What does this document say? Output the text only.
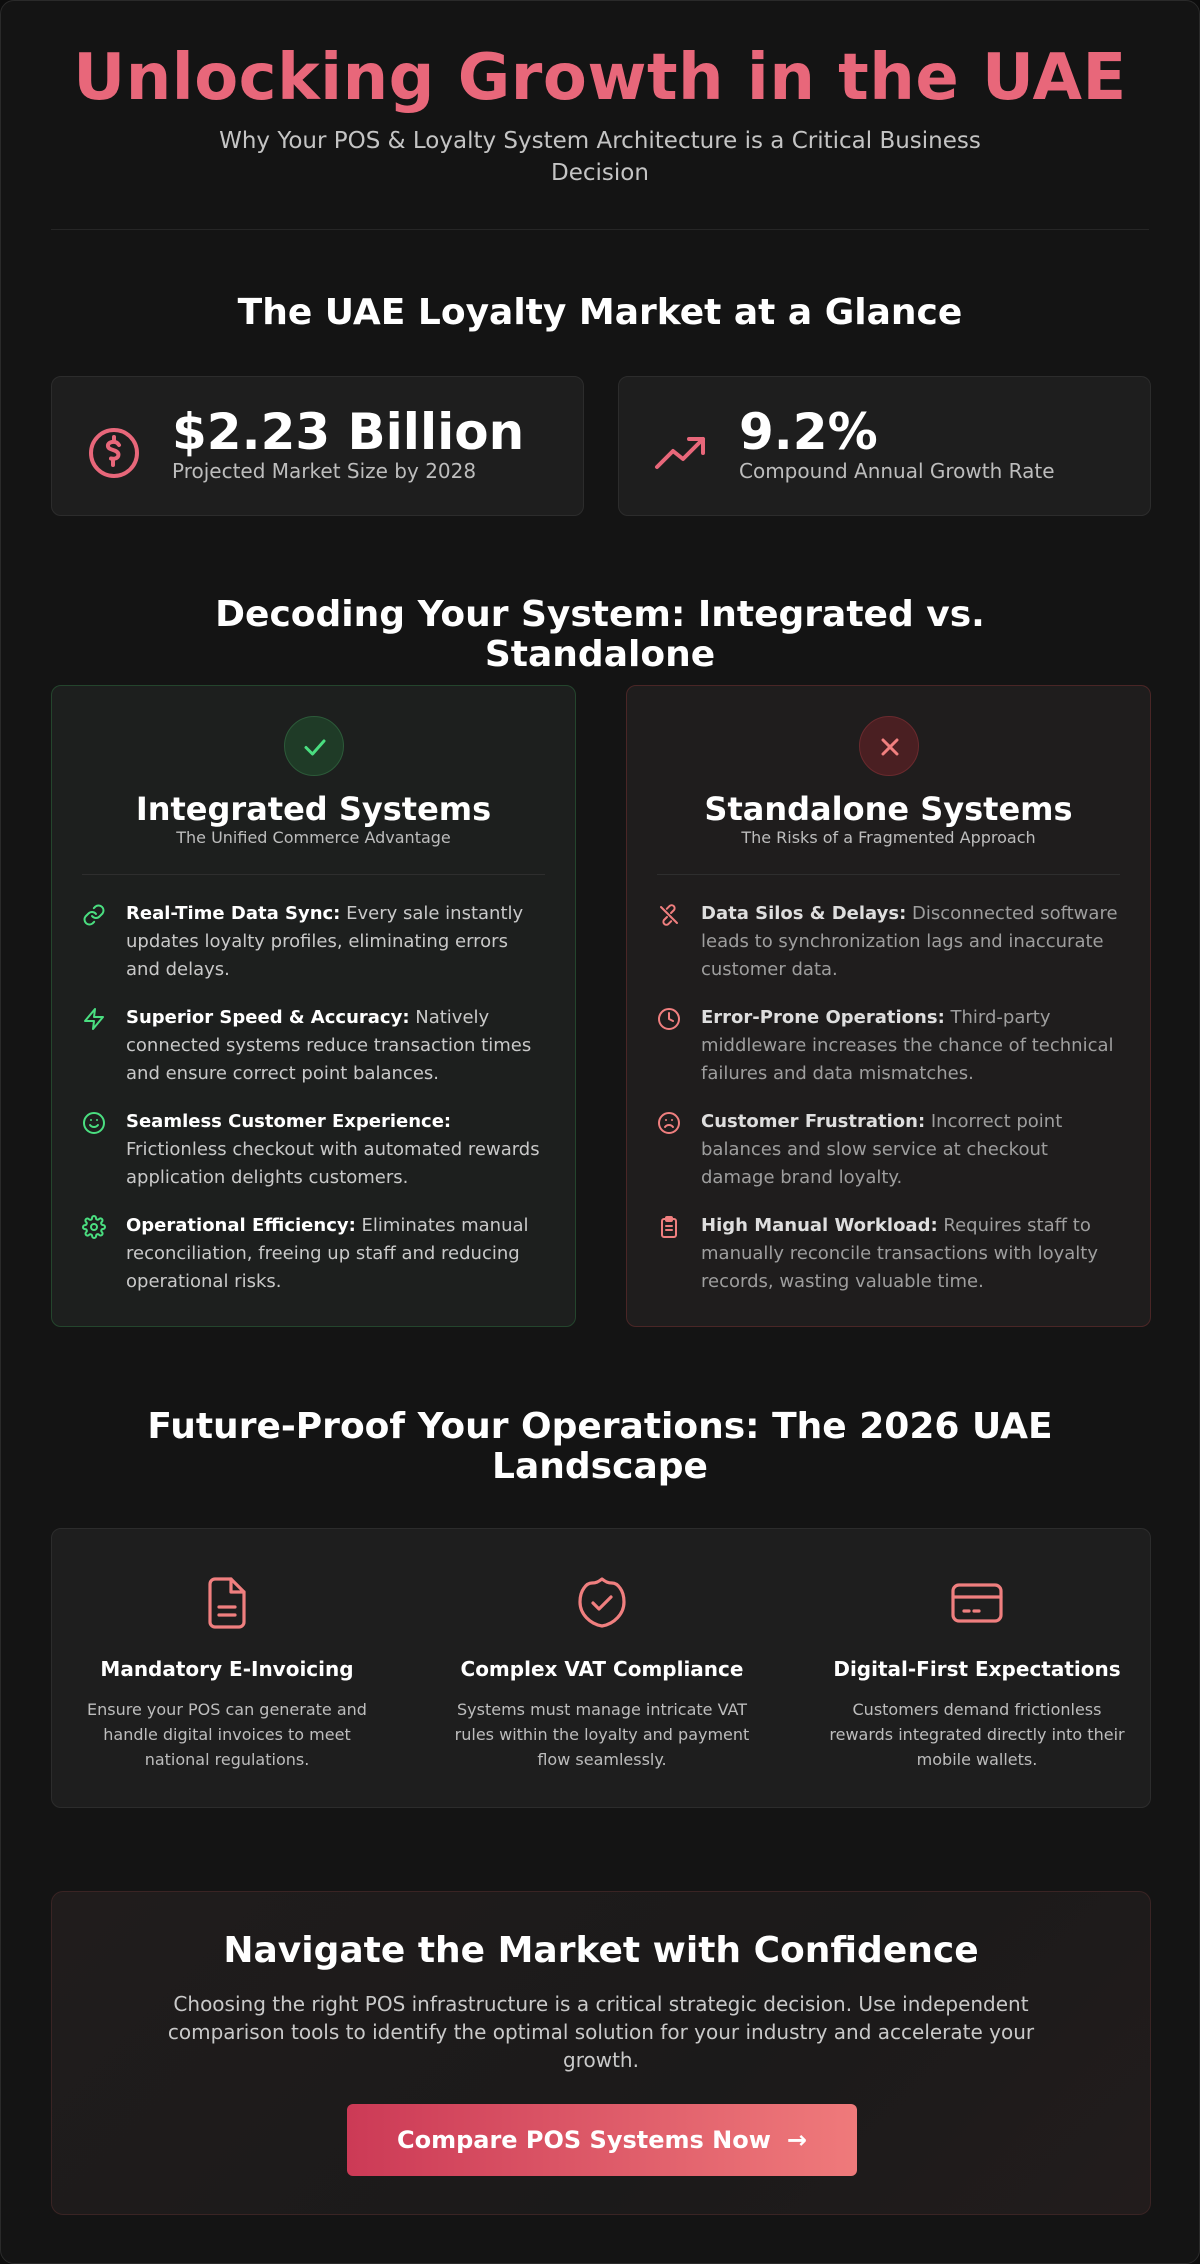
Unlocking Growth in the UAE

Why Your POS & Loyalty System Architecture is a Critical Business Decision

The UAE Loyalty Market at a Glance
$2.23 Billion
Projected Market Size by 2028
9.2%
Compound Annual Growth Rate
Decoding Your System: Integrated vs. Standalone
Integrated Systems
The Unified Commerce Advantage
Real-Time Data Sync: Every sale instantly updates loyalty profiles, eliminating errors and delays.
Superior Speed & Accuracy: Natively connected systems reduce transaction times and ensure correct point balances.
Seamless Customer Experience: Frictionless checkout with automated rewards application delights customers.
Operational Efficiency: Eliminates manual reconciliation, freeing up staff and reducing operational risks.
Standalone Systems
The Risks of a Fragmented Approach
Data Silos & Delays: Disconnected software leads to synchronization lags and inaccurate customer data.
Error-Prone Operations: Third-party middleware increases the chance of technical failures and data mismatches.
Customer Frustration: Incorrect point balances and slow service at checkout damage brand loyalty.
High Manual Workload: Requires staff to manually reconcile transactions with loyalty records, wasting valuable time.
Future-Proof Your Operations: The 2026 UAE Landscape
Mandatory E-Invoicing
Ensure your POS can generate and handle digital invoices to meet national regulations.
Complex VAT Compliance
Systems must manage intricate VAT rules within the loyalty and payment flow seamlessly.
Digital-First Expectations
Customers demand frictionless rewards integrated directly into their mobile wallets.
Navigate the Market with Confidence
Choosing the right POS infrastructure is a critical strategic decision. Use independent comparison tools to identify the optimal solution for your industry and accelerate your growth.
Compare POS Systems Now →
